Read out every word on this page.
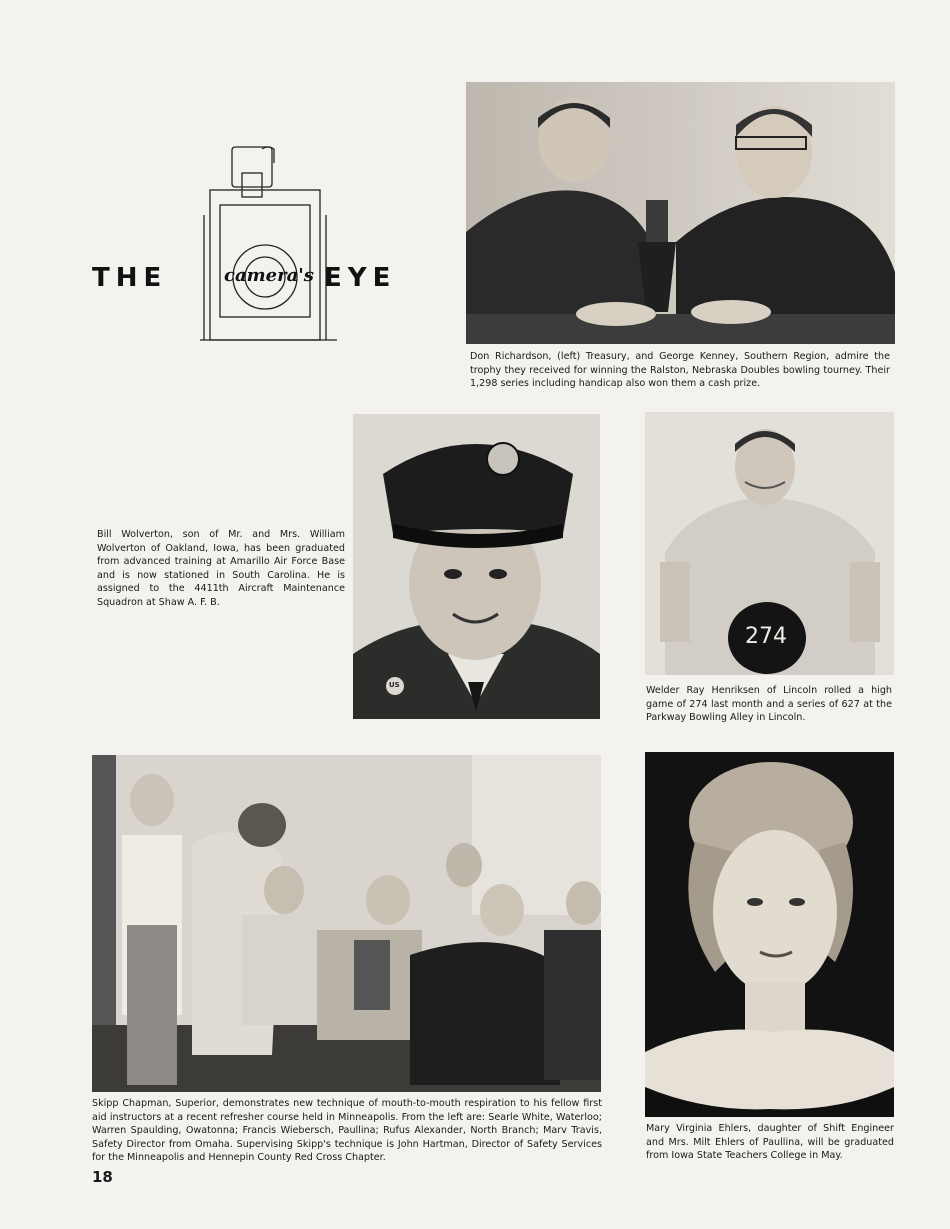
THE	camera's EYE
Don Richardson, (left) Treasury, and George Kenney, Southern Region, admire the trophy they received for winning the Ralston, Nebraska Doubles bowling tourney. Their 1,298 series including handicap also won them a cash prize.
US
Bill Wolverton, son of Mr. and Mrs. William Wolverton of Oakland, Iowa, has been graduated from advanced training at Amarillo Air Force Base and is now stationed in South Carolina. He is assigned to the 4411th Aircraft Maintenance Squadron at Shaw A. F. B.
274
Welder Ray Henriksen of Lincoln rolled a high game of 274 last month and a series of 627 at the Parkway Bowling Alley in Lincoln.
Skipp Chapman, Superior, demonstrates new technique of mouth-to-mouth respiration to his fellow first aid instructors at a recent refresher course held in Minneapolis. From the left are: Searle White, Waterloo; Warren Spaulding, Owatonna; Francis Wiebersch, Paullina; Rufus Alexander, North Branch; Marv Travis, Safety Director from Omaha. Supervising Skipp's technique is John Hartman, Director of Safety Services for the Minneapolis and Hennepin County Red Cross Chapter.
Mary Virginia Ehlers, daughter of Shift Engineer and Mrs. Milt Ehlers of Paullina, will be graduated from Iowa State Teachers College in May.
18
